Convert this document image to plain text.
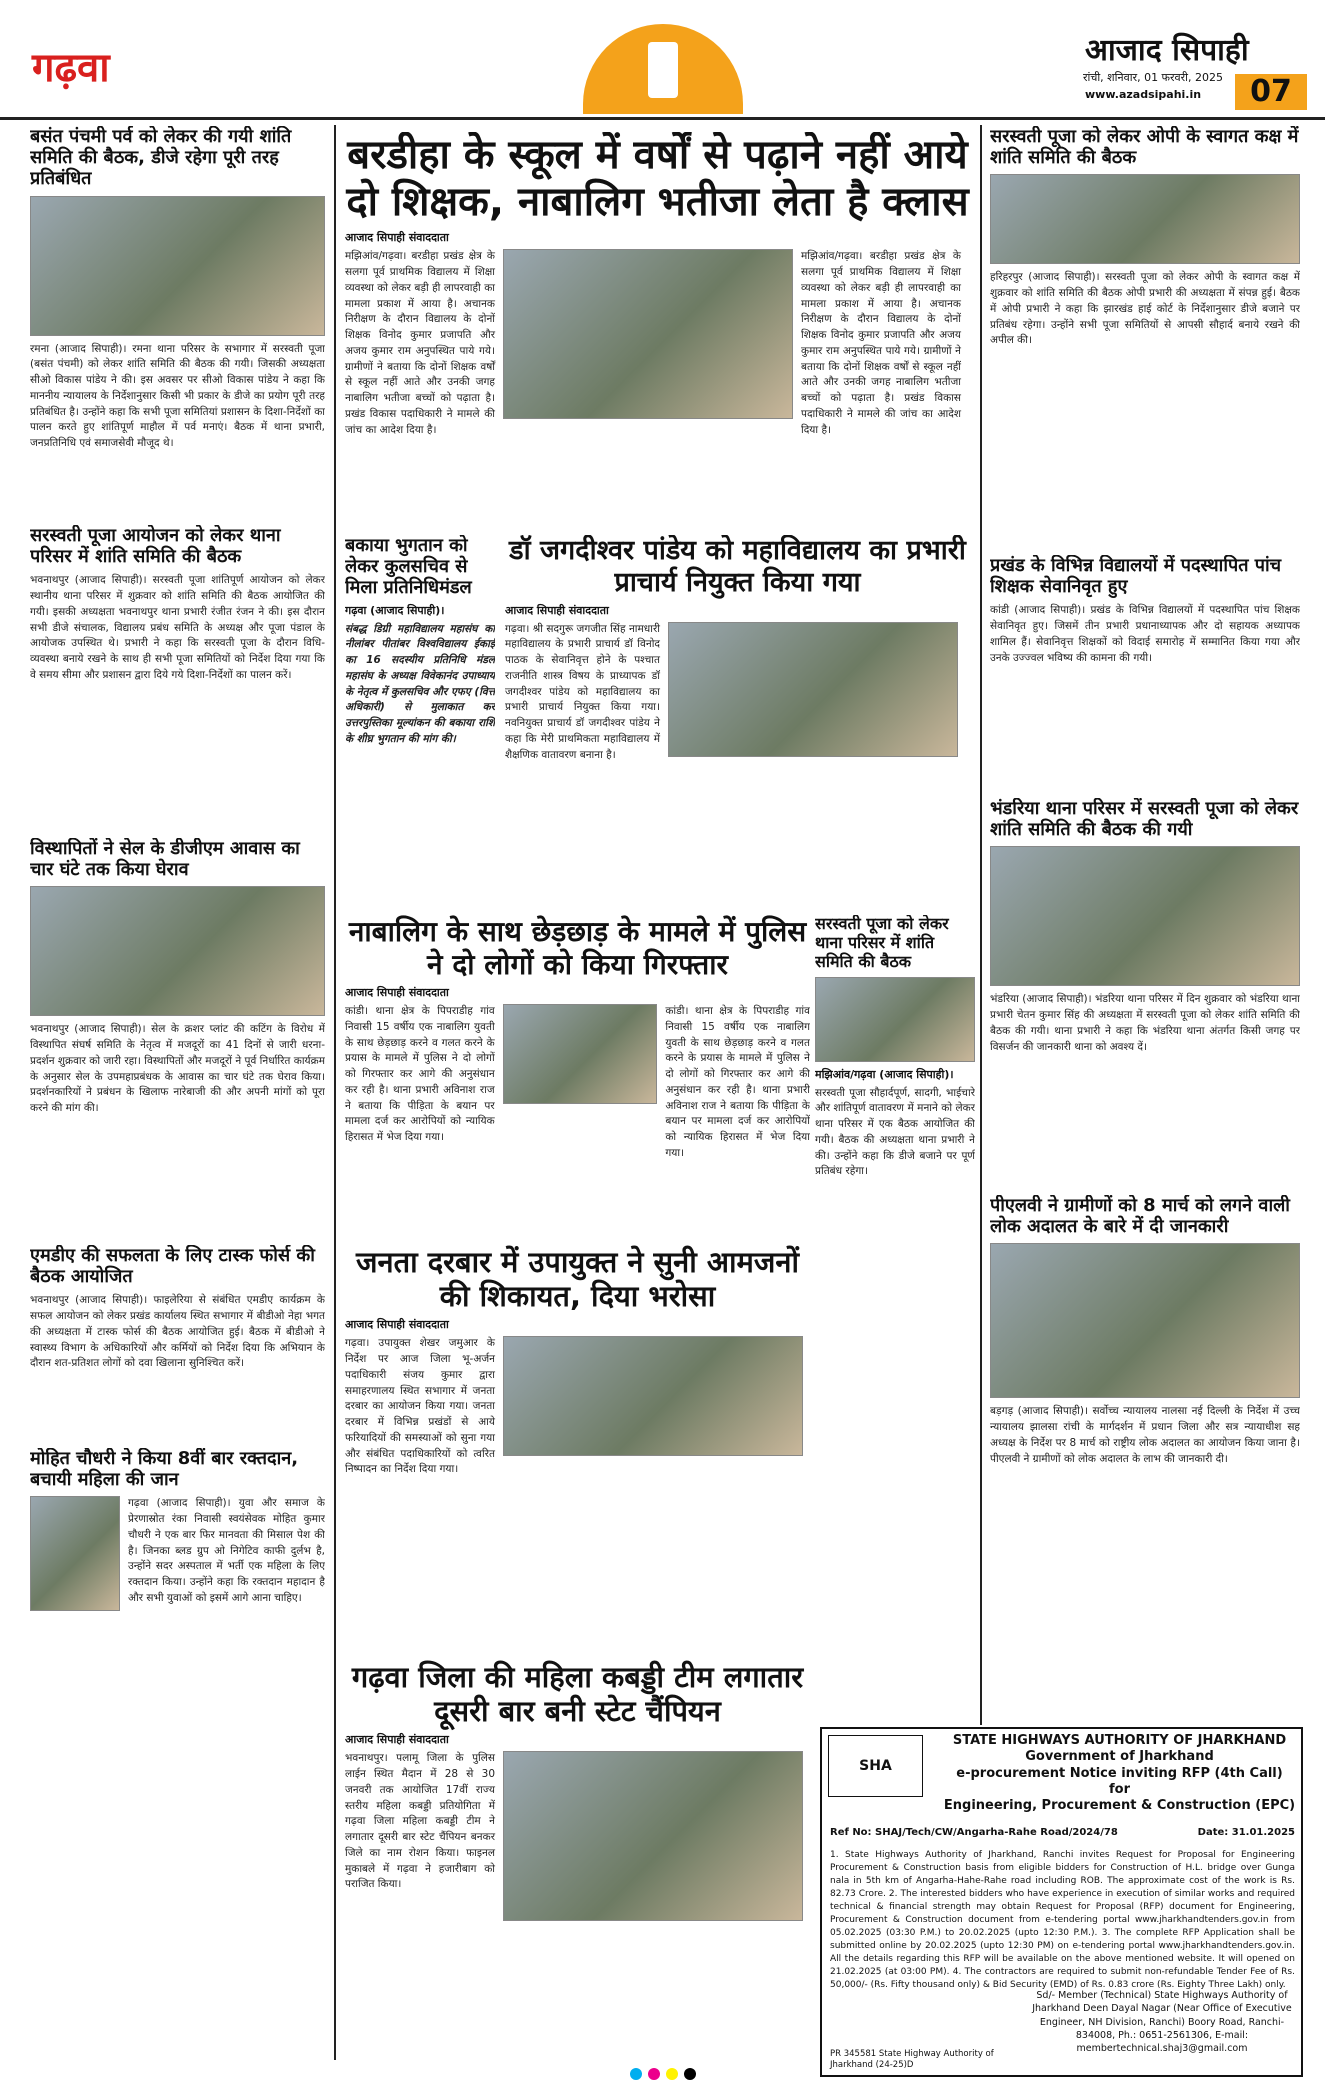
गढ़वा	आजाद सिपाही
रांची, शनिवार, 01 फरवरी, 2025
www.azadsipahi.in	07
बसंत पंचमी पर्व को लेकर की गयी शांति समिति की बैठक, डीजे रहेगा पूरी तरह प्रतिबंधित

रमना (आजाद सिपाही)। रमना थाना परिसर के सभागार में सरस्वती पूजा (बसंत पंचमी) को लेकर शांति समिति की बैठक की गयी। जिसकी अध्यक्षता सीओ विकास पांडेय ने की। इस अवसर पर सीओ विकास पांडेय ने कहा कि माननीय न्यायालय के निर्देशानुसार किसी भी प्रकार के डीजे का प्रयोग पूरी तरह प्रतिबंधित है। उन्होंने कहा कि सभी पूजा समितियां प्रशासन के दिशा-निर्देशों का पालन करते हुए शांतिपूर्ण माहौल में पर्व मनाएं। बैठक में थाना प्रभारी, जनप्रतिनिधि एवं समाजसेवी मौजूद थे।

सरस्वती पूजा आयोजन को लेकर थाना परिसर में शांति समिति की बैठक

भवनाथपुर (आजाद सिपाही)। सरस्वती पूजा शांतिपूर्ण आयोजन को लेकर स्थानीय थाना परिसर में शुक्रवार को शांति समिति की बैठक आयोजित की गयी। इसकी अध्यक्षता भवनाथपुर थाना प्रभारी रंजीत रंजन ने की। इस दौरान सभी डीजे संचालक, विद्यालय प्रबंध समिति के अध्यक्ष और पूजा पंडाल के आयोजक उपस्थित थे। प्रभारी ने कहा कि सरस्वती पूजा के दौरान विधि-व्यवस्था बनाये रखने के साथ ही सभी पूजा समितियों को निर्देश दिया गया कि वे समय सीमा और प्रशासन द्वारा दिये गये दिशा-निर्देशों का पालन करें।

विस्थापितों ने सेल के डीजीएम आवास का चार घंटे तक किया घेराव

भवनाथपुर (आजाद सिपाही)। सेल के क्रशर प्लांट की कटिंग के विरोध में विस्थापित संघर्ष समिति के नेतृत्व में मजदूरों का 41 दिनों से जारी धरना-प्रदर्शन शुक्रवार को जारी रहा। विस्थापितों और मजदूरों ने पूर्व निर्धारित कार्यक्रम के अनुसार सेल के उपमहाप्रबंधक के आवास का चार घंटे तक घेराव किया। प्रदर्शनकारियों ने प्रबंधन के खिलाफ नारेबाजी की और अपनी मांगों को पूरा करने की मांग की।

एमडीए की सफलता के लिए टास्क फोर्स की बैठक आयोजित

भवनाथपुर (आजाद सिपाही)। फाइलेरिया से संबंधित एमडीए कार्यक्रम के सफल आयोजन को लेकर प्रखंड कार्यालय स्थित सभागार में बीडीओ नेहा भगत की अध्यक्षता में टास्क फोर्स की बैठक आयोजित हुई। बैठक में बीडीओ ने स्वास्थ्य विभाग के अधिकारियों और कर्मियों को निर्देश दिया कि अभियान के दौरान शत-प्रतिशत लोगों को दवा खिलाना सुनिश्चित करें।

मोहित चौधरी ने किया 8वीं बार रक्तदान, बचायी महिला की जान

गढ़वा (आजाद सिपाही)। युवा और समाज के प्रेरणास्रोत रंका निवासी स्वयंसेवक मोहित कुमार चौधरी ने एक बार फिर मानवता की मिसाल पेश की है। जिनका ब्लड ग्रुप ओ निगेटिव काफी दुर्लभ है, उन्होंने सदर अस्पताल में भर्ती एक महिला के लिए रक्तदान किया। उन्होंने कहा कि रक्तदान महादान है और सभी युवाओं को इसमें आगे आना चाहिए।

बरडीहा के स्कूल में वर्षों से पढ़ाने नहीं आये दो शिक्षक, नाबालिग भतीजा लेता है क्लास
आजाद सिपाही संवाददाता

मझिआंव/गढ़वा। बरडीहा प्रखंड क्षेत्र के सलगा पूर्व प्राथमिक विद्यालय में शिक्षा व्यवस्था को लेकर बड़ी ही लापरवाही का मामला प्रकाश में आया है। अचानक निरीक्षण के दौरान विद्यालय के दोनों शिक्षक विनोद कुमार प्रजापति और अजय कुमार राम अनुपस्थित पाये गये। ग्रामीणों ने बताया कि दोनों शिक्षक वर्षों से स्कूल नहीं आते और उनकी जगह नाबालिग भतीजा बच्चों को पढ़ाता है। प्रखंड विकास पदाधिकारी ने मामले की जांच का आदेश दिया है।

मझिआंव/गढ़वा। बरडीहा प्रखंड क्षेत्र के सलगा पूर्व प्राथमिक विद्यालय में शिक्षा व्यवस्था को लेकर बड़ी ही लापरवाही का मामला प्रकाश में आया है। अचानक निरीक्षण के दौरान विद्यालय के दोनों शिक्षक विनोद कुमार प्रजापति और अजय कुमार राम अनुपस्थित पाये गये। ग्रामीणों ने बताया कि दोनों शिक्षक वर्षों से स्कूल नहीं आते और उनकी जगह नाबालिग भतीजा बच्चों को पढ़ाता है। प्रखंड विकास पदाधिकारी ने मामले की जांच का आदेश दिया है।

बकाया भुगतान को लेकर कुलसचिव से मिला प्रतिनिधिमंडल
गढ़वा (आजाद सिपाही)।

संबद्ध डिग्री महाविद्यालय महासंघ का नीलांबर पीतांबर विश्वविद्यालय ईकाई का 16 सदस्यीय प्रतिनिधि मंडल महासंघ के अध्यक्ष विवेकानंद उपाध्याय के नेतृत्व में कुलसचिव और एफए (वित्त अधिकारी) से मुलाकात कर उत्तरपुस्तिका मूल्यांकन की बकाया राशि के शीघ्र भुगतान की मांग की।

डॉ जगदीश्वर पांडेय को महाविद्यालय का प्रभारी प्राचार्य नियुक्त किया गया
आजाद सिपाही संवाददाता

गढ़वा। श्री सदगुरू जगजीत सिंह नामधारी महाविद्यालय के प्रभारी प्राचार्य डॉ विनोद पाठक के सेवानिवृत्त होने के पश्चात राजनीति शास्त्र विषय के प्राध्यापक डॉ जगदीश्वर पांडेय को महाविद्यालय का प्रभारी प्राचार्य नियुक्त किया गया। नवनियुक्त प्राचार्य डॉ जगदीश्वर पांडेय ने कहा कि मेरी प्राथमिकता महाविद्यालय में शैक्षणिक वातावरण बनाना है।

नाबालिग के साथ छेड़छाड़ के मामले में पुलिस ने दो लोगों को किया गिरफ्तार
आजाद सिपाही संवाददाता

कांडी। थाना क्षेत्र के पिपराडीह गांव निवासी 15 वर्षीय एक नाबालिग युवती के साथ छेड़छाड़ करने व गलत करने के प्रयास के मामले में पुलिस ने दो लोगों को गिरफ्तार कर आगे की अनुसंधान कर रही है। थाना प्रभारी अविनाश राज ने बताया कि पीड़िता के बयान पर मामला दर्ज कर आरोपियों को न्यायिक हिरासत में भेज दिया गया।

कांडी। थाना क्षेत्र के पिपराडीह गांव निवासी 15 वर्षीय एक नाबालिग युवती के साथ छेड़छाड़ करने व गलत करने के प्रयास के मामले में पुलिस ने दो लोगों को गिरफ्तार कर आगे की अनुसंधान कर रही है। थाना प्रभारी अविनाश राज ने बताया कि पीड़िता के बयान पर मामला दर्ज कर आरोपियों को न्यायिक हिरासत में भेज दिया गया।

सरस्वती पूजा को लेकर थाना परिसर में शांति समिति की बैठक
मझिआंव/गढ़वा (आजाद सिपाही)।

सरस्वती पूजा सौहार्दपूर्ण, सादगी, भाईचारे और शांतिपूर्ण वातावरण में मनाने को लेकर थाना परिसर में एक बैठक आयोजित की गयी। बैठक की अध्यक्षता थाना प्रभारी ने की। उन्होंने कहा कि डीजे बजाने पर पूर्ण प्रतिबंध रहेगा।

जनता दरबार में उपायुक्त ने सुनी आमजनों की शिकायत, दिया भरोसा
आजाद सिपाही संवाददाता

गढ़वा। उपायुक्त शेखर जमुआर के निर्देश पर आज जिला भू-अर्जन पदाधिकारी संजय कुमार द्वारा समाहरणालय स्थित सभागार में जनता दरबार का आयोजन किया गया। जनता दरबार में विभिन्न प्रखंडों से आये फरियादियों की समस्याओं को सुना गया और संबंधित पदाधिकारियों को त्वरित निष्पादन का निर्देश दिया गया।

गढ़वा जिला की महिला कबड्डी टीम लगातार दूसरी बार बनी स्टेट चैंपियन
आजाद सिपाही संवाददाता

भवनाथपुर। पलामू जिला के पुलिस लाईन स्थित मैदान में 28 से 30 जनवरी तक आयोजित 17वीं राज्य स्तरीय महिला कबड्डी प्रतियोगिता में गढ़वा जिला महिला कबड्डी टीम ने लगातार दूसरी बार स्टेट चैंपियन बनकर जिले का नाम रोशन किया। फाइनल मुकाबले में गढ़वा ने हजारीबाग को पराजित किया।

सरस्वती पूजा को लेकर ओपी के स्वागत कक्ष में शांति समिति की बैठक

हरिहरपुर (आजाद सिपाही)। सरस्वती पूजा को लेकर ओपी के स्वागत कक्ष में शुक्रवार को शांति समिति की बैठक ओपी प्रभारी की अध्यक्षता में संपन्न हुई। बैठक में ओपी प्रभारी ने कहा कि झारखंड हाई कोर्ट के निर्देशानुसार डीजे बजाने पर प्रतिबंध रहेगा। उन्होंने सभी पूजा समितियों से आपसी सौहार्द बनाये रखने की अपील की।

प्रखंड के विभिन्न विद्यालयों में पदस्थापित पांच शिक्षक सेवानिवृत हुए

कांडी (आजाद सिपाही)। प्रखंड के विभिन्न विद्यालयों में पदस्थापित पांच शिक्षक सेवानिवृत हुए। जिसमें तीन प्रभारी प्रधानाध्यापक और दो सहायक अध्यापक शामिल हैं। सेवानिवृत्त शिक्षकों को विदाई समारोह में सम्मानित किया गया और उनके उज्ज्वल भविष्य की कामना की गयी।

भंडरिया थाना परिसर में सरस्वती पूजा को लेकर शांति समिति की बैठक की गयी

भंडरिया (आजाद सिपाही)। भंडरिया थाना परिसर में दिन शुक्रवार को भंडरिया थाना प्रभारी चेतन कुमार सिंह की अध्यक्षता में सरस्वती पूजा को लेकर शांति समिति की बैठक की गयी। थाना प्रभारी ने कहा कि भंडरिया थाना अंतर्गत किसी जगह पर विसर्जन की जानकारी थाना को अवश्य दें।

पीएलवी ने ग्रामीणों को 8 मार्च को लगने वाली लोक अदालत के बारे में दी जानकारी

बड़गड़ (आजाद सिपाही)। सर्वोच्च न्यायालय नालसा नई दिल्ली के निर्देश में उच्च न्यायालय झालसा रांची के मार्गदर्शन में प्रधान जिला और सत्र न्यायाधीश सह अध्यक्ष के निर्देश पर 8 मार्च को राष्ट्रीय लोक अदालत का आयोजन किया जाना है। पीएलवी ने ग्रामीणों को लोक अदालत के लाभ की जानकारी दी।

SHA
STATE HIGHWAYS AUTHORITY OF JHARKHAND
Government of Jharkhand
e-procurement Notice inviting RFP (4th Call)
for
Engineering, Procurement & Construction (EPC)
Ref No: SHAJ/Tech/CW/Angarha-Rahe Road/2024/78	Date: 31.01.2025
1. State Highways Authority of Jharkhand, Ranchi invites Request for Proposal for Engineering Procurement & Construction basis from eligible bidders for Construction of H.L. bridge over Gunga nala in 5th km of Angarha-Hahe-Rahe road including ROB. The approximate cost of the work is Rs. 82.73 Crore. 2. The interested bidders who have experience in execution of similar works and required technical & financial strength may obtain Request for Proposal (RFP) document for Engineering, Procurement & Construction document from e-tendering portal www.jharkhandtenders.gov.in from 05.02.2025 (03:30 P.M.) to 20.02.2025 (upto 12:30 P.M.). 3. The complete RFP Application shall be submitted online by 20.02.2025 (upto 12:30 PM) on e-tendering portal www.jharkhandtenders.gov.in. All the details regarding this RFP will be available on the above mentioned website. It will opened on 21.02.2025 (at 03:00 PM). 4. The contractors are required to submit non-refundable Tender Fee of Rs. 50,000/- (Rs. Fifty thousand only) & Bid Security (EMD) of Rs. 0.83 crore (Rs. Eighty Three Lakh) only.
Sd/- Member (Technical) State Highways Authority of Jharkhand Deen Dayal Nagar (Near Office of Executive Engineer, NH Division, Ranchi) Boory Road, Ranchi-834008, Ph.: 0651-2561306, E-mail: membertechnical.shaj3@gmail.com
PR 345581 State Highway Authority of Jharkhand (24-25)D
